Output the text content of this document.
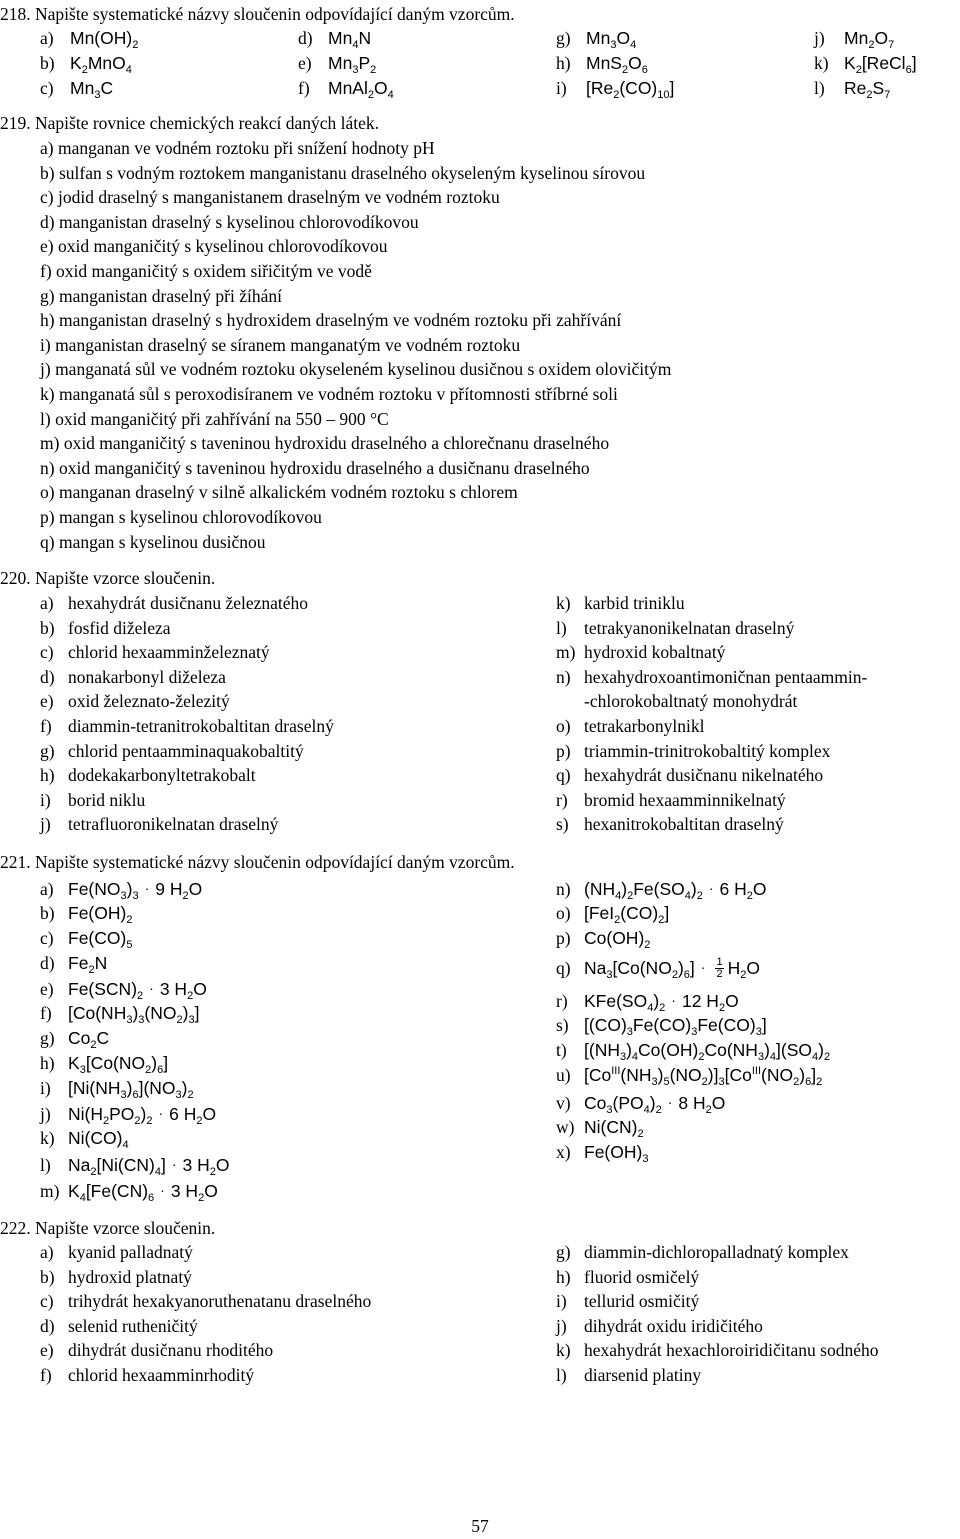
218. Napište systematické názvy sloučenin odpovídající daným vzorcům.
a) $Mn(OH)_2$	d) $Mn_4N$	g) $Mn_3O_4$	j) $Mn_2O_7$
b) $K_2MnO_4$	e) $Mn_3P_2$	h) $MnS_2O_6$	k) $K_2[ReCl_6]$
c) $Mn_3C$	f) $MnAl_2O_4$	i) $[Re_2(CO)_{10}]$	l) $Re_2S_7$
219. Napište rovnice chemických reakcí daných látek.
a) manganan ve vodném roztoku při snížení hodnoty pH
b) sulfan s vodným roztokem manganistanu draselného okyseleným kyselinou sírovou
c) jodid draselný s manganistanem draselným ve vodném roztoku
d) manganistan draselný s kyselinou chlorovodíkovou
e) oxid manganičitý s kyselinou chlorovodíkovou
f) oxid manganičitý s oxidem siřičitým ve vodě
g) manganistan draselný při žíhání
h) manganistan draselný s hydroxidem draselným ve vodném roztoku při zahřívání
i) manganistan draselný se síranem manganatým ve vodném roztoku
j) manganatá sůl ve vodném roztoku okyseleném kyselinou dusičnou s oxidem olovičitým
k) manganatá sůl s peroxodisíranem ve vodném roztoku v přítomnosti stříbrné soli
l) oxid manganičitý při zahřívání na 550 – 900 °C
m) oxid manganičitý s taveninou hydroxidu draselného a chlorečnanu draselného
n) oxid manganičitý s taveninou hydroxidu draselného a dusičnanu draselného
o) manganan draselný v silně alkalickém vodném roztoku s chlorem
p) mangan s kyselinou chlorovodíkovou
q) mangan s kyselinou dusičnou
220. Napište vzorce sloučenin.
a) hexahydrát dusičnanu železnatého
b) fosfid diželeza
c) chlorid hexaamminželeznatý
d) nonakarbonyl diželeza
e) oxid železnato-železitý
f) diammin-tetranitrokobaltitan draselný
g) chlorid pentaamminaquakobaltitý
h) dodekakarbonyltetrakobalt
i) borid niklu
j) tetrafluoronikelnatan draselný
k) karbid triniklu
l) tetrakyanonikelnatan draselný
m) hydroxid kobaltnatý
n) hexahydroxoantimoničnan pentaammin-
-chlorokobaltnatý monohydrát
o) tetrakarbonylnikl
p) triammin-trinitrokobaltitý komplex
q) hexahydrát dusičnanu nikelnatého
r) bromid hexaamminnikelnatý
s) hexanitrokobaltitan draselný
221. Napište systematické názvy sloučenin odpovídající daným vzorcům.
a) $Fe(NO_3)_3 \cdot 9$ $H_2O$
b) $Fe(OH)_2$
c) $Fe(CO)_5$
d) $Fe_2N$
e) $Fe(SCN)_2 \cdot 3$ $H_2O$
f) $[Co(NH_3)_3(NO_2)_3]$
g) $Co_2C$
h) $K_3[Co(NO_2)_6]$
i) $[Ni(NH_3)_6](NO_3)_2$
j) $Ni(H_2PO_2)_2 \cdot 6$ $H_2O$
k) $Ni(CO)_4$
l) $Na_2[Ni(CN)_4] \cdot 3$ $H_2O$
m) $K_4[Fe(CN)_6 \cdot 3$ $H_2O$
n) $(NH_4)_2Fe(SO_4)_2 \cdot 6$ $H_2O$
o) $[FeI_2(CO)_2]$
p) $Co(OH)_2$
q) $Na_3[Co(NO_2)_6] \cdot \frac{1}{2} H_2O$
r) $KFe(SO_4)_2 \cdot 12$ $H_2O$
s) $[(CO)_3Fe(CO)_3Fe(CO)_3]$
t) $[(NH_3)_4Co(OH)_2Co(NH_3)_4](SO_4)_2$
u) $[Co^{III}(NH_3)_5(NO_2)]_3[Co^{III}(NO_2)_6]_2$
v) $Co_3(PO_4)_2 \cdot 8$ $H_2O$
w) $Ni(CN)_2$
x) $Fe(OH)_3$
222. Napište vzorce sloučenin.
a) kyanid palladnatý
b) hydroxid platnatý
c) trihydrát hexakyanoruthenatanu draselného
d) selenid rutheničitý
e) dihydrát dusičnanu rhoditého
f) chlorid hexaamminrhoditý
g) diammin-dichloropalladnatý komplex
h) fluorid osmičelý
i) tellurid osmičitý
j) dihydrát oxidu iridičitého
k) hexahydrát hexachloroiridičitanu sodného
l) diarsenid platiny
57
